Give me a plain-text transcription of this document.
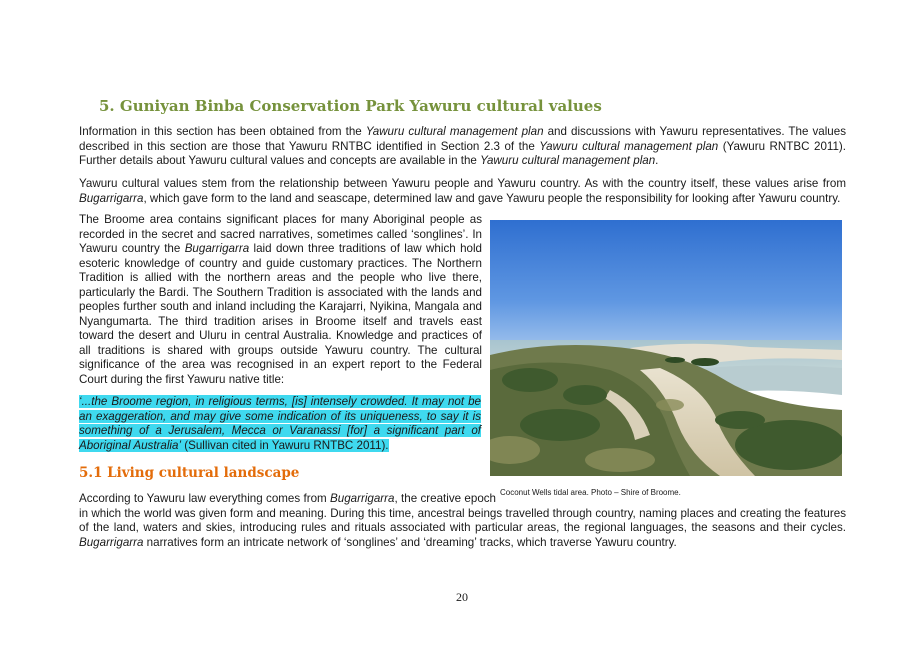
5. Guniyan Binba Conservation Park Yawuru cultural values

Information in this section has been obtained from the Yawuru cultural management plan and discussions with Yawuru representatives. The values described in this section are those that Yawuru RNTBC identified in Section 2.3 of the Yawuru cultural management plan (Yawuru RNTBC 2011). Further details about Yawuru cultural values and concepts are available in the Yawuru cultural management plan.

Yawuru cultural values stem from the relationship between Yawuru people and Yawuru country. As with the country itself, these values arise from Bugarrigarra, which gave form to the land and seascape, determined law and gave Yawuru people the responsibility for looking after Yawuru country.

The Broome area contains significant places for many Aboriginal people as recorded in the secret and sacred narratives, sometimes called ‘songlines’. In Yawuru country the Bugarrigarra laid down three traditions of law which hold esoteric knowledge of country and guide customary practices. The Northern Tradition is allied with the northern areas and the people who live there, particularly the Bardi. The Southern Tradition is associated with the lands and peoples further south and inland including the Karajarri, Nyikina, Mangala and Nyangumarta. The third tradition arises in Broome itself and travels east toward the desert and Uluru in central Australia. Knowledge and practices of all traditions is shared with groups outside Yawuru country. The cultural significance of the area was recognised in an expert report to the Federal Court during the first Yawuru native title:

‘...the Broome region, in religious terms, [is] intensely crowded. It may not be an exaggeration, and may give some indication of its uniqueness, to say it is something of a Jerusalem, Mecca or Varanassi [for] a significant part of Aboriginal Australia’ (Sullivan cited in Yawuru RNTBC 2011).

5.1 Living cultural landscape

Coconut Wells tidal area. Photo – Shire of Broome.

20

According to Yawuru law everything comes from Bugarrigarra, the creative epoch in which the world was given form and meaning. During this time, ancestral beings travelled through country, naming places and creating the features of the land, waters and skies, introducing rules and rituals associated with particular areas, the regional languages, the seasons and their cycles. Bugarrigarra narratives form an intricate network of ‘songlines’ and ‘dreaming’ tracks, which traverse Yawuru country.
